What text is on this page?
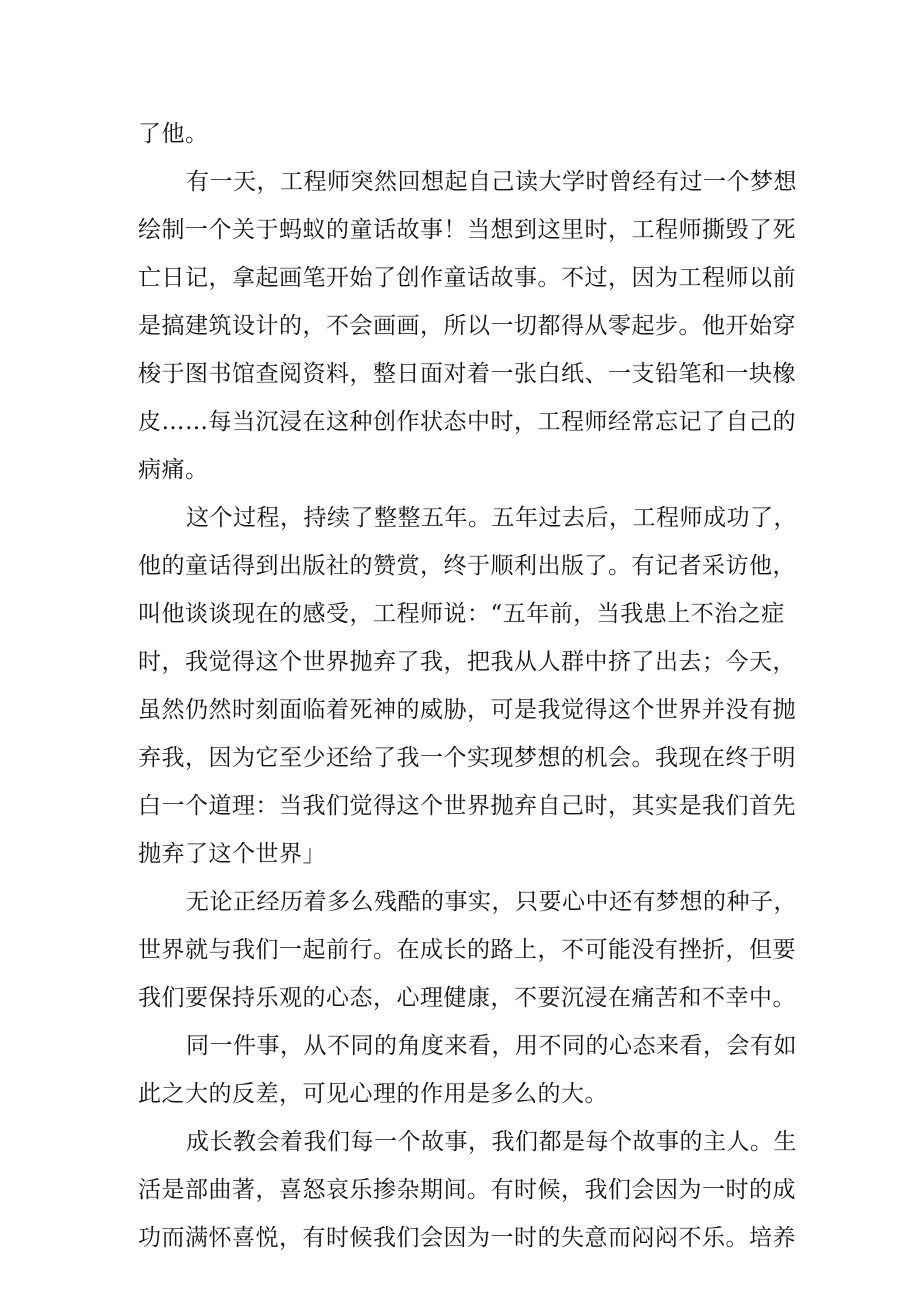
了他。

有一天，工程师突然回想起自己读大学时曾经有过一个梦想

绘制一个关于蚂蚁的童话故事！当想到这里时，工程师撕毁了死

亡日记，拿起画笔开始了创作童话故事。不过，因为工程师以前

是搞建筑设计的，不会画画，所以一切都得从零起步。他开始穿

梭于图书馆查阅资料，整日面对着一张白纸、一支铅笔和一块橡

皮……每当沉浸在这种创作状态中时，工程师经常忘记了自己的

病痛。

这个过程，持续了整整五年。五年过去后，工程师成功了，

他的童话得到出版社的赞赏，终于顺利出版了。有记者采访他，

叫他谈谈现在的感受，工程师说：“五年前，当我患上不治之症

时，我觉得这个世界抛弃了我，把我从人群中挤了出去；今天，

虽然仍然时刻面临着死神的威胁，可是我觉得这个世界并没有抛

弃我，因为它至少还给了我一个实现梦想的机会。我现在终于明

白一个道理：当我们觉得这个世界抛弃自己时，其实是我们首先

抛弃了这个世界」

无论正经历着多么残酷的事实，只要心中还有梦想的种子，

世界就与我们一起前行。在成长的路上，不可能没有挫折，但要

我们要保持乐观的心态，心理健康，不要沉浸在痛苦和不幸中。

同一件事，从不同的角度来看，用不同的心态来看，会有如

此之大的反差，可见心理的作用是多么的大。

成长教会着我们每一个故事，我们都是每个故事的主人。生

活是部曲著，喜怒哀乐掺杂期间。有时候，我们会因为一时的成

功而满怀喜悦，有时候我们会因为一时的失意而闷闷不乐。培养
